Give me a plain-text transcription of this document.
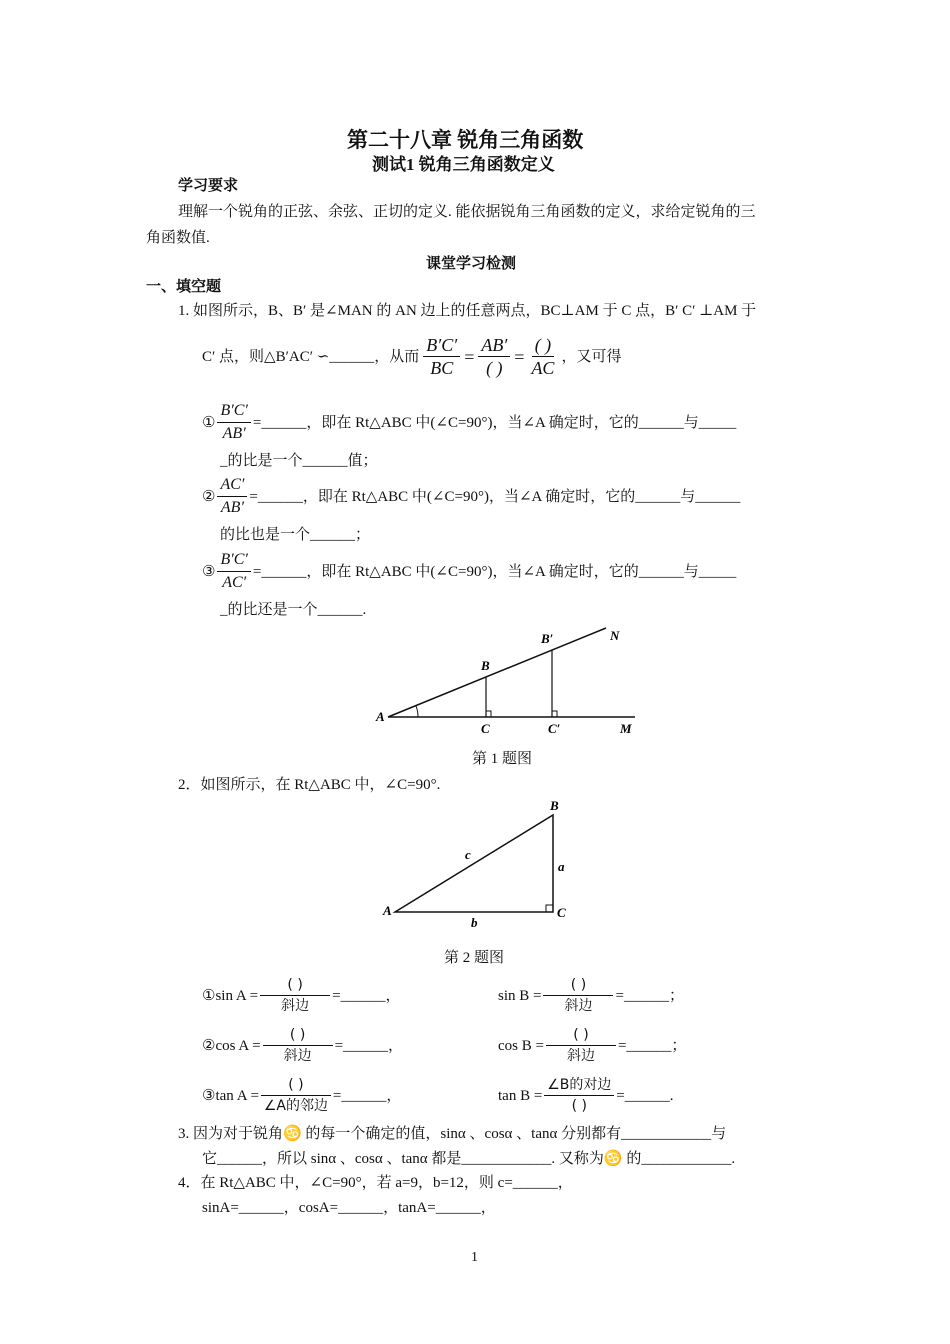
第二十八章 锐角三角函数
测试1 锐角三角函数定义
学习要求
理解一个锐角的正弦、余弦、正切的定义. 能依据锐角三角函数的定义，求给定锐角的三
角函数值.
课堂学习检测
一、填空题
1. 如图所示，B、B′ 是∠MAN 的 AN 边上的任意两点，BC⊥AM 于 C 点，B′ C′ ⊥AM 于
C′ 点，则△B′AC′ ∽______，从而 $\frac{B'C'}{BC} = \frac{AB'}{( )} = \frac{( )}{AC}$ ，又可得
① $\frac{B'C'}{AB'}$ =______，即在 Rt△ABC 中(∠C=90°)，当∠A 确定时，它的______与_____
_的比是一个______值；
② $\frac{AC'}{AB'}$ =______，即在 Rt△ABC 中(∠C=90°)，当∠A 确定时，它的______与______
的比也是一个______；
③ $\frac{B'C'}{AC'}$ =______，即在 Rt△ABC 中(∠C=90°)，当∠A 确定时，它的______与_____
_的比还是一个______.
A
B
B′	N
C	C′	M
第 1 题图
2．如图所示，在 Rt△ABC 中，∠C=90°.
A
B
C
a
b
c
第 2 题图
①sin A =
( )
斜边
=______，	sin B =
( )
斜边
=______；
②cos A =
( )
斜边
=______，	cos B =
( )
斜边
=______；
③tan A =
( )
∠A的邻边
=______，	tan B =
∠B的对边
( )
=______.
3. 因为对于锐角♋ 的每一个确定的值，sinα 、cosα 、tanα 分别都有____________与
它______，所以 sinα 、cosα 、tanα 都是____________. 又称为♋ 的____________.
4．在 Rt△ABC 中，∠C=90°，若 a=9，b=12，则 c=______，
sinA=______，cosA=______，tanA=______，
1
